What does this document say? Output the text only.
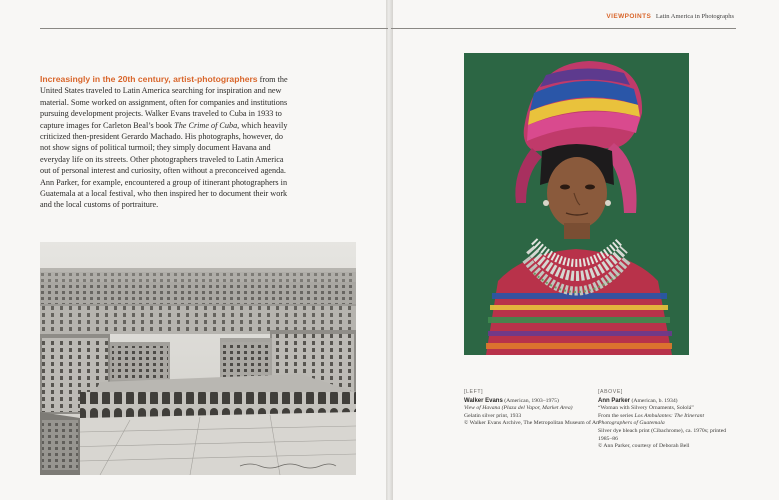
VIEWPOINTS Latin America in Photographs
Increasingly in the 20th century, artist-photographers from the United States traveled to Latin America searching for inspiration and new material. Some worked on assignment, often for companies and institutions pursuing development projects. Walker Evans traveled to Cuba in 1933 to capture images for Carleton Beal’s book The Crime of Cuba, which heavily criticized then-president Gerardo Machado. His photographs, however, do not show signs of political turmoil; they simply document Havana and everyday life on its streets. Other photographers traveled to Latin America out of personal interest and curiosity, often without a preconceived agenda. Ann Parker, for example, encountered a group of itinerant photographers in Guatemala at a local festival, who then inspired her to document their work and the local customs of portraiture.
[LEFT]
Walker Evans (American, 1903–1975)
View of Havana (Plaza del Vapor, Market Area)
Gelatin silver print, 1933
© Walker Evans Archive, The Metropolitan Museum of Art
[ABOVE]
Ann Parker (American, b. 1934)
“Woman with Silvery Ornaments, Sololá”
From the series Los Ambulantes: The Itinerant Photographers of Guatemala
Silver dye bleach print (Cibachrome), ca. 1970s; printed 1985–86
© Ann Parker, courtesy of Deborah Bell
